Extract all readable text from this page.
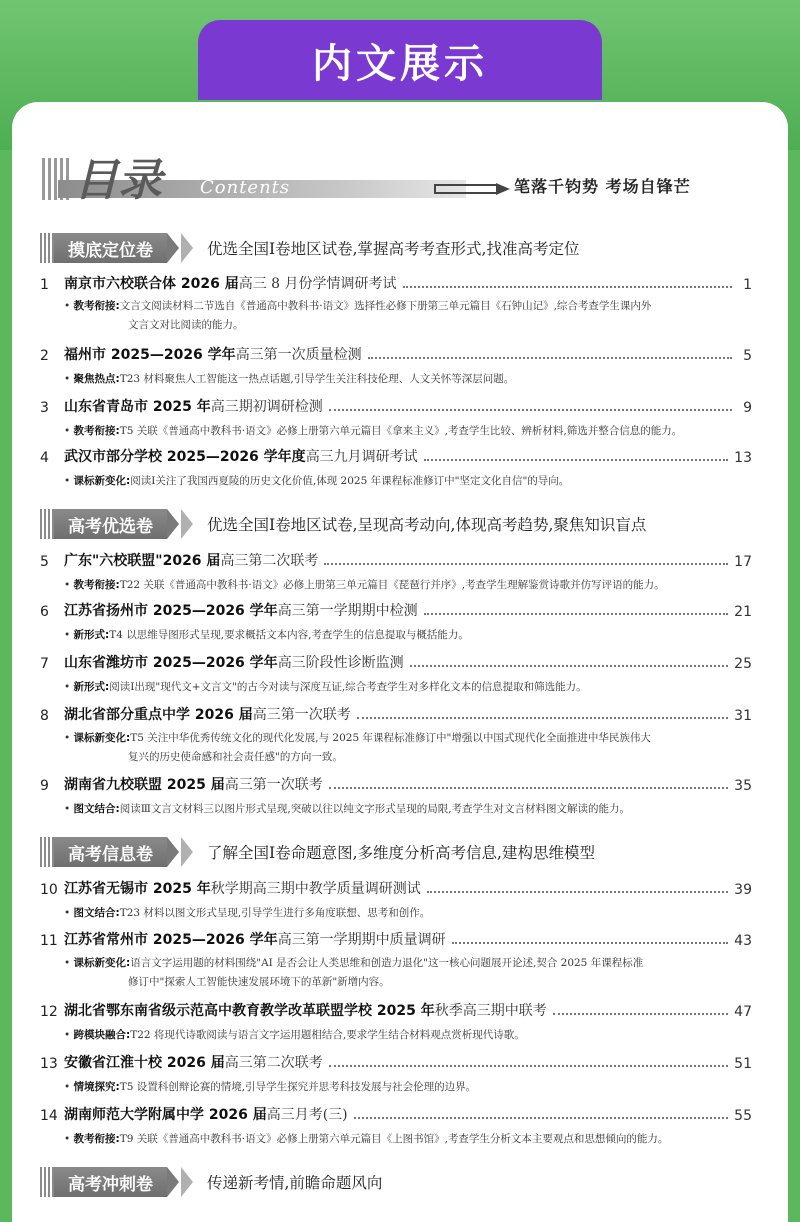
内文展示
目录 Contents	笔落千钧势 考场自锋芒
摸底定位卷	优选全国Ⅰ卷地区试卷,掌握高考考查形式,找准高考定位
1	南京市六校联合体 2026 届高三 8 月份学情调研考试	1
• 教考衔接:文言文阅读材料二节选自《普通高中教科书·语文》选择性必修下册第三单元篇目《石钟山记》,综合考查学生课内外
文言文对比阅读的能力。
2	福州市 2025—2026 学年高三第一次质量检测	5
• 聚焦热点:T23 材料聚焦人工智能这一热点话题,引导学生关注科技伦理、人文关怀等深层问题。
3	山东省青岛市 2025 年高三期初调研检测	9
• 教考衔接:T5 关联《普通高中教科书·语文》必修上册第六单元篇目《拿来主义》,考查学生比较、辨析材料,筛选并整合信息的能力。
4	武汉市部分学校 2025—2026 学年度高三九月调研考试	13
• 课标新变化:阅读Ⅰ关注了我国西夏陵的历史文化价值,体现 2025 年课程标准修订中"坚定文化自信"的导向。
高考优选卷	优选全国Ⅰ卷地区试卷,呈现高考动向,体现高考趋势,聚焦知识盲点
5	广东"六校联盟"2026 届高三第二次联考	17
• 教考衔接:T22 关联《普通高中教科书·语文》必修上册第三单元篇目《琵琶行并序》,考查学生理解鉴赏诗歌并仿写评语的能力。
6	江苏省扬州市 2025—2026 学年高三第一学期期中检测	21
• 新形式:T4 以思维导图形式呈现,要求概括文本内容,考查学生的信息提取与概括能力。
7	山东省潍坊市 2025—2026 学年高三阶段性诊断监测	25
• 新形式:阅读Ⅰ出现"现代文+文言文"的古今对读与深度互证,综合考查学生对多样化文本的信息提取和筛选能力。
8	湖北省部分重点中学 2026 届高三第一次联考	31
• 课标新变化:T5 关注中华优秀传统文化的现代化发展,与 2025 年课程标准修订中"增强以中国式现代化全面推进中华民族伟大
复兴的历史使命感和社会责任感"的方向一致。
9	湖南省九校联盟 2025 届高三第一次联考	35
• 图文结合:阅读Ⅲ文言文材料三以图片形式呈现,突破以往以纯文字形式呈现的局限,考查学生对文言材料图文解读的能力。
高考信息卷	了解全国Ⅰ卷命题意图,多维度分析高考信息,建构思维模型
10 江苏省无锡市 2025 年秋学期高三期中教学质量调研测试	39
• 图文结合:T23 材料以图文形式呈现,引导学生进行多角度联想、思考和创作。
11 江苏省常州市 2025—2026 学年高三第一学期期中质量调研	43
• 课标新变化:语言文字运用题的材料围绕"AI 是否会让人类思维和创造力退化"这一核心问题展开论述,契合 2025 年课程标准
修订中"探索人工智能快速发展环境下的革新"新增内容。
12 湖北省鄂东南省级示范高中教育教学改革联盟学校 2025 年秋季高三期中联考	47
• 跨模块融合:T22 将现代诗歌阅读与语言文字运用题相结合,要求学生结合材料观点赏析现代诗歌。
13 安徽省江淮十校 2026 届高三第二次联考	51
• 情境探究:T5 设置科创辩论赛的情境,引导学生探究并思考科技发展与社会伦理的边界。
14 湖南师范大学附属中学 2026 届高三月考(三)	55
• 教考衔接:T9 关联《普通高中教科书·语文》必修上册第六单元篇目《上图书馆》,考查学生分析文本主要观点和思想倾向的能力。
高考冲刺卷	传递新考情,前瞻命题风向
